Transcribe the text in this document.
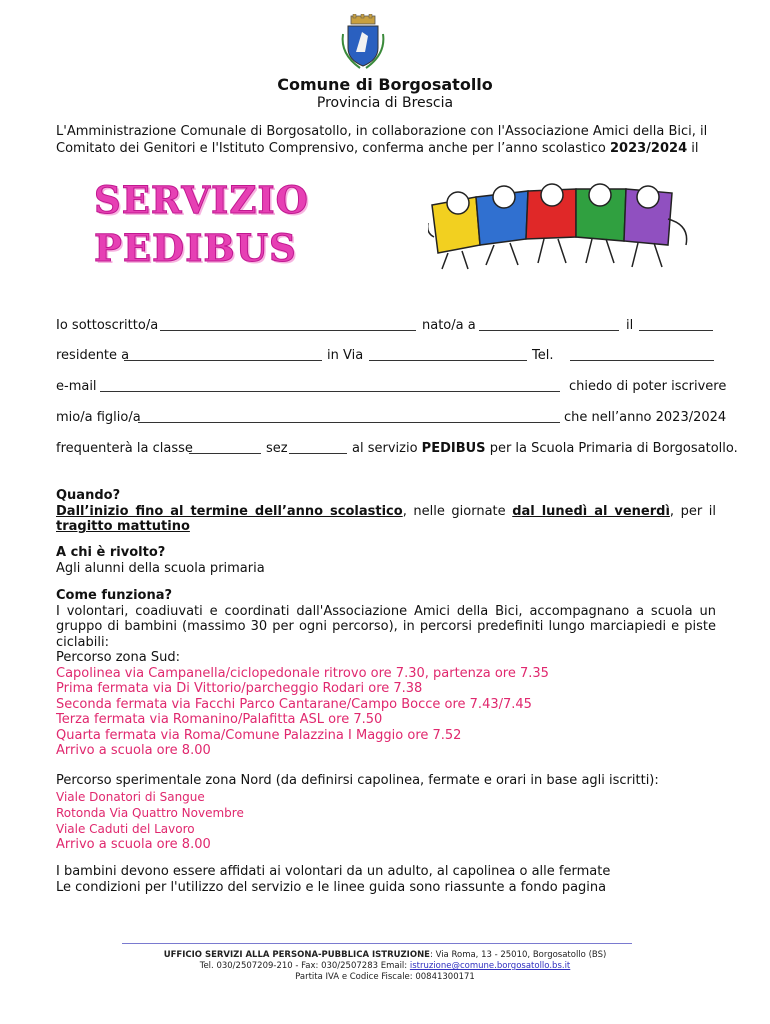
Comune di Borgosatollo
Provincia di Brescia
L'Amministrazione Comunale di Borgosatollo, in collaborazione con l'Associazione Amici della Bici, il Comitato dei Genitori e l'Istituto Comprensivo, conferma anche per l’anno scolastico 2023/2024 il
SERVIZIO
PEDIBUS
Io sottoscritto/a	nato/a a	il
residente a	in Via	Tel.
e-mail	chiedo di poter iscrivere
mio/a figlio/a	che nell’anno 2023/2024
frequenterà la classe	sez	al servizio PEDIBUS per la Scuola Primaria di Borgosatollo.
Quando?
Dall’inizio fino al termine dell’anno scolastico, nelle giornate dal lunedì al venerdì, per il tragitto mattutino
A chi è rivolto?
Agli alunni della scuola primaria
Come funziona?
I volontari, coadiuvati e coordinati dall'Associazione Amici della Bici, accompagnano a scuola un gruppo di bambini (massimo 30 per ogni percorso), in percorsi predefiniti lungo marciapiedi e piste ciclabili:
Percorso zona Sud:
Capolinea via Campanella/ciclopedonale ritrovo ore 7.30, partenza ore 7.35
Prima fermata via Di Vittorio/parcheggio Rodari ore 7.38
Seconda fermata via Facchi Parco Cantarane/Campo Bocce ore 7.43/7.45
Terza fermata via Romanino/Palafitta ASL ore 7.50
Quarta fermata via Roma/Comune Palazzina I Maggio ore 7.52
Arrivo a scuola ore 8.00
Percorso sperimentale zona Nord (da definirsi capolinea, fermate e orari in base agli iscritti):
Viale Donatori di Sangue
Rotonda Via Quattro Novembre
Viale Caduti del Lavoro
Arrivo a scuola ore 8.00
I bambini devono essere affidati ai volontari da un adulto, al capolinea o alle fermate
Le condizioni per l'utilizzo del servizio e le linee guida sono riassunte a fondo pagina
UFFICIO SERVIZI ALLA PERSONA-PUBBLICA ISTRUZIONE: Via Roma, 13 - 25010, Borgosatollo (BS)
Tel. 030/2507209-210 - Fax: 030/2507283 Email: istruzione@comune.borgosatollo.bs.it
Partita IVA e Codice Fiscale: 00841300171
